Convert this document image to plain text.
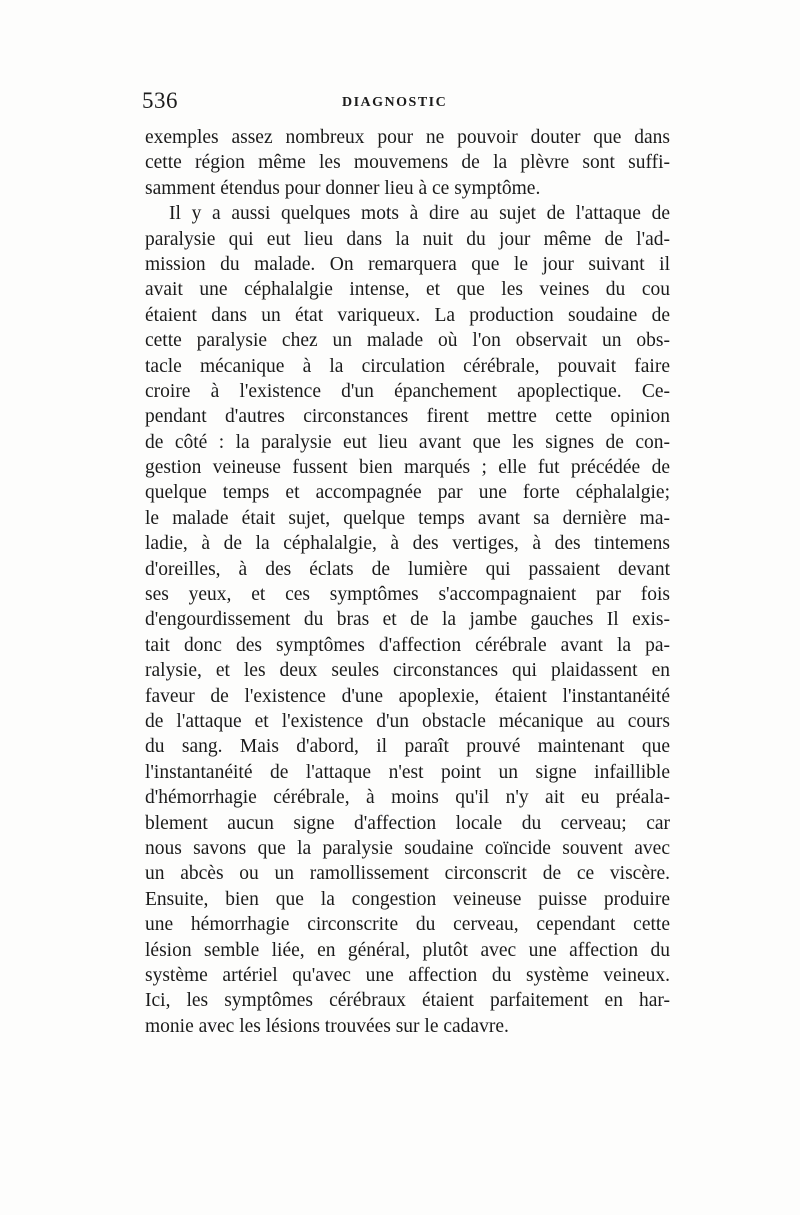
536	DIAGNOSTIC
exemples assez nombreux pour ne pouvoir douter que dans
cette région même les mouvemens de la plèvre sont suffi-
samment étendus pour donner lieu à ce symptôme.
Il y a aussi quelques mots à dire au sujet de l'attaque de
paralysie qui eut lieu dans la nuit du jour même de l'ad-
mission du malade. On remarquera que le jour suivant il
avait une céphalalgie intense, et que les veines du cou
étaient dans un état variqueux. La production soudaine de
cette paralysie chez un malade où l'on observait un obs-
tacle mécanique à la circulation cérébrale, pouvait faire
croire à l'existence d'un épanchement apoplectique. Ce-
pendant d'autres circonstances firent mettre cette opinion
de côté : la paralysie eut lieu avant que les signes de con-
gestion veineuse fussent bien marqués ; elle fut précédée de
quelque temps et accompagnée par une forte céphalalgie;
le malade était sujet, quelque temps avant sa dernière ma-
ladie, à de la céphalalgie, à des vertiges, à des tintemens
d'oreilles, à des éclats de lumière qui passaient devant
ses yeux, et ces symptômes s'accompagnaient par fois
d'engourdissement du bras et de la jambe gauches Il exis-
tait donc des symptômes d'affection cérébrale avant la pa-
ralysie, et les deux seules circonstances qui plaidassent en
faveur de l'existence d'une apoplexie, étaient l'instantanéité
de l'attaque et l'existence d'un obstacle mécanique au cours
du sang. Mais d'abord, il paraît prouvé maintenant que
l'instantanéité de l'attaque n'est point un signe infaillible
d'hémorrhagie cérébrale, à moins qu'il n'y ait eu préala-
blement aucun signe d'affection locale du cerveau; car
nous savons que la paralysie soudaine coïncide souvent avec
un abcès ou un ramollissement circonscrit de ce viscère.
Ensuite, bien que la congestion veineuse puisse produire
une hémorrhagie circonscrite du cerveau, cependant cette
lésion semble liée, en général, plutôt avec une affection du
système artériel qu'avec une affection du système veineux.
Ici, les symptômes cérébraux étaient parfaitement en har-
monie avec les lésions trouvées sur le cadavre.
